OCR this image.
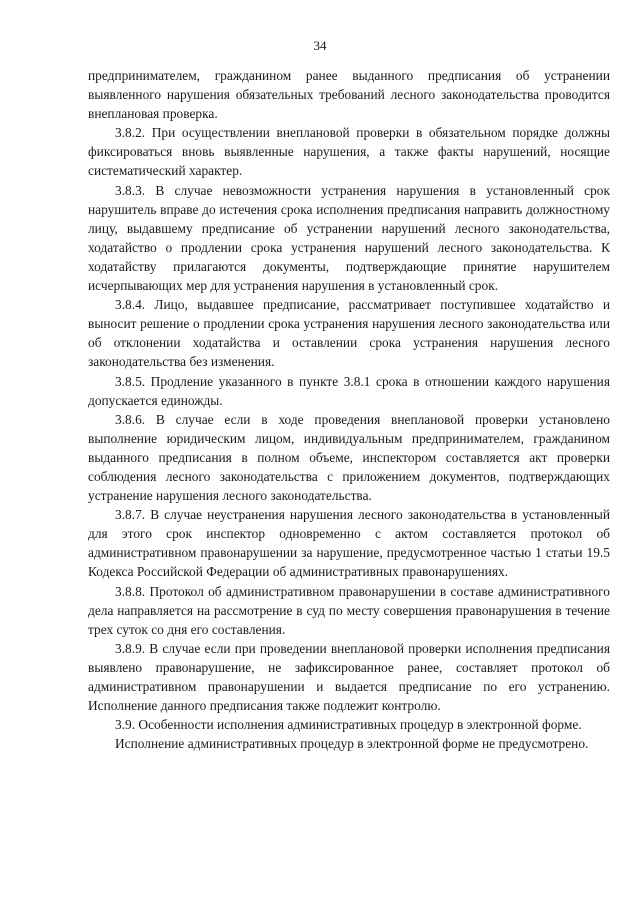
34

предпринимателем, гражданином ранее выданного предписания об устранении выявленного нарушения обязательных требований лесного законодательства проводится внеплановая проверка.

3.8.2. При осуществлении внеплановой проверки в обязательном порядке должны фиксироваться вновь выявленные нарушения, а также факты нарушений, носящие систематический характер.

3.8.3. В случае невозможности устранения нарушения в установленный срок нарушитель вправе до истечения срока исполнения предписания направить должностному лицу, выдавшему предписание об устранении нарушений лесного законодательства, ходатайство о продлении срока устранения нарушений лесного законодательства. К ходатайству прилагаются документы, подтверждающие принятие нарушителем исчерпывающих мер для устранения нарушения в установленный срок.

3.8.4. Лицо, выдавшее предписание, рассматривает поступившее ходатайство и выносит решение о продлении срока устранения нарушения лесного законодательства или об отклонении ходатайства и оставлении срока устранения нарушения лесного законодательства без изменения.

3.8.5. Продление указанного в пункте 3.8.1 срока в отношении каждого нарушения допускается единожды.

3.8.6. В случае если в ходе проведения внеплановой проверки установлено выполнение юридическим лицом, индивидуальным предпринимателем, гражданином выданного предписания в полном объеме, инспектором составляется акт проверки соблюдения лесного законодательства с приложением документов, подтверждающих устранение нарушения лесного законодательства.

3.8.7. В случае неустранения нарушения лесного законодательства в установленный для этого срок инспектор одновременно с актом составляется протокол об административном правонарушении за нарушение, предусмотренное частью 1 статьи 19.5 Кодекса Российской Федерации об административных правонарушениях.

3.8.8. Протокол об административном правонарушении в составе административного дела направляется на рассмотрение в суд по месту совершения правонарушения в течение трех суток со дня его составления.

3.8.9. В случае если при проведении внеплановой проверки исполнения предписания выявлено правонарушение, не зафиксированное ранее, составляет протокол об административном правонарушении и выдается предписание по его устранению. Исполнение данного предписания также подлежит контролю.

3.9. Особенности исполнения административных процедур в электронной форме.

Исполнение административных процедур в электронной форме не предусмотрено.
